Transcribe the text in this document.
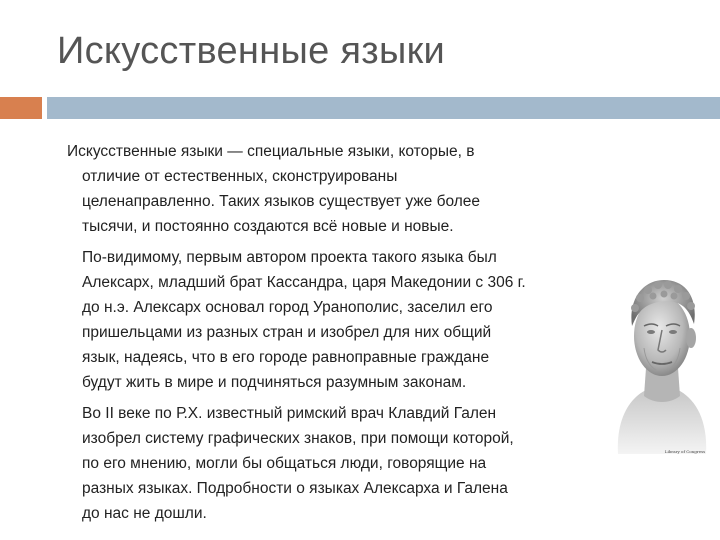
Искусственные языки
Искусственные языки — специальные языки, которые, в
отличие от естественных, сконструированы
целенаправленно. Таких языков существует уже более
тысячи, и постоянно создаются всё новые и новые.
По-видимому, первым автором проекта такого языка был
Алексарх, младший брат Кассандра, царя Македонии с 306 г.
до н.э. Алексарх основал город Уранополис, заселил его
пришельцами из разных стран и изобрел для них общий
язык, надеясь, что в его городе равноправные граждане
будут жить в мире и подчиняться разумным законам.
Во II веке по Р.Х. известный римский врач Клавдий Гален
изобрел систему графических знаков, при помощи которой,
по его мнению, могли бы общаться люди, говорящие на
разных языках. Подробности о языках Алексарха и Галена
до нас не дошли.
Library of Congress
